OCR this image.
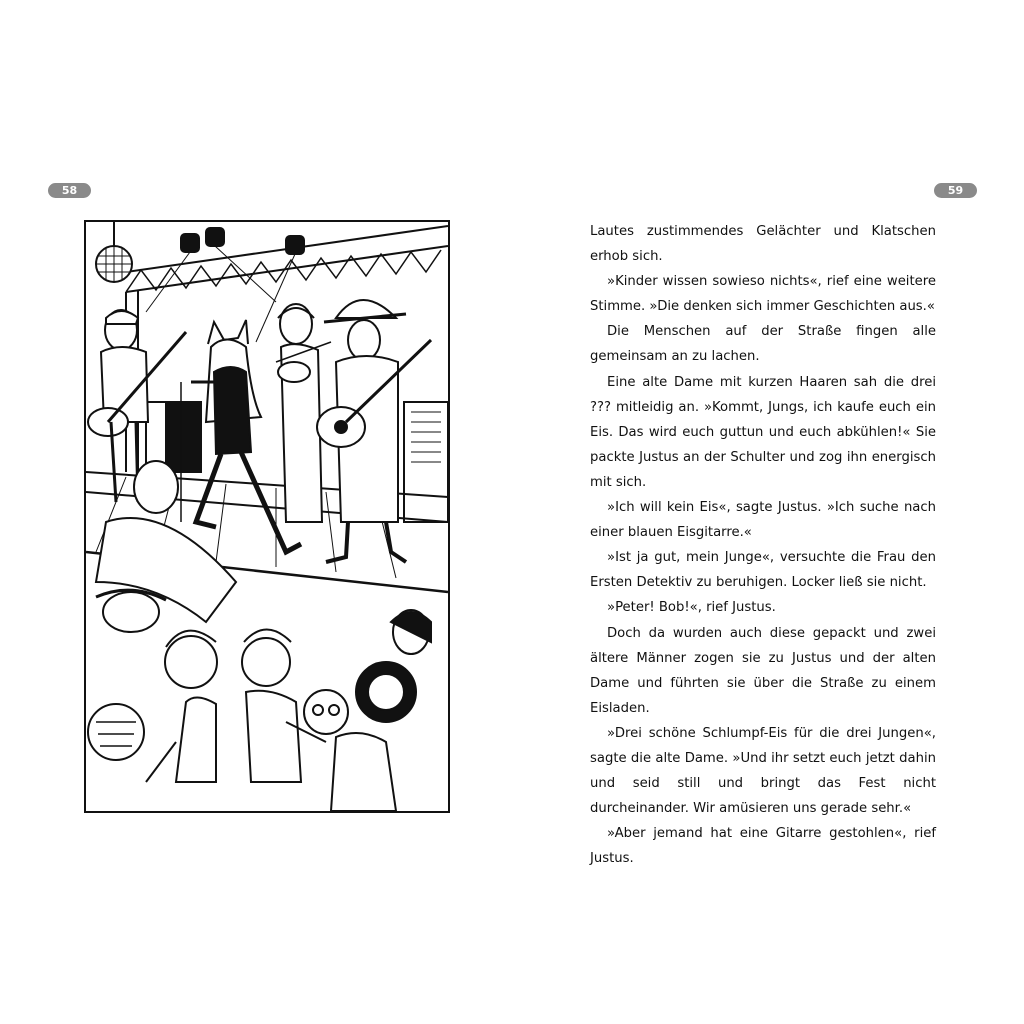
58	59

Lautes zustimmendes Gelächter und Klatschen erhob sich.

»Kinder wissen sowieso nichts«, rief eine weitere Stimme. »Die denken sich immer Geschichten aus.«

Die Menschen auf der Straße fingen alle gemeinsam an zu lachen.

Eine alte Dame mit kurzen Haaren sah die drei ??? mitleidig an. »Kommt, Jungs, ich kaufe euch ein Eis. Das wird euch guttun und euch abkühlen!« Sie packte Justus an der Schulter und zog ihn energisch mit sich.

»Ich will kein Eis«, sagte Justus. »Ich suche nach einer blauen Eisgitarre.«

»Ist ja gut, mein Junge«, versuchte die Frau den Ersten Detektiv zu beruhigen. Locker ließ sie nicht.

»Peter! Bob!«, rief Justus.

Doch da wurden auch diese gepackt und zwei ältere Männer zogen sie zu Justus und der alten Dame und führten sie über die Straße zu einem Eisladen.

»Drei schöne Schlumpf-Eis für die drei Jungen«, sagte die alte Dame. »Und ihr setzt euch jetzt dahin und seid still und bringt das Fest nicht durcheinander. Wir amüsieren uns gerade sehr.«

»Aber jemand hat eine Gitarre gestohlen«, rief Justus.
